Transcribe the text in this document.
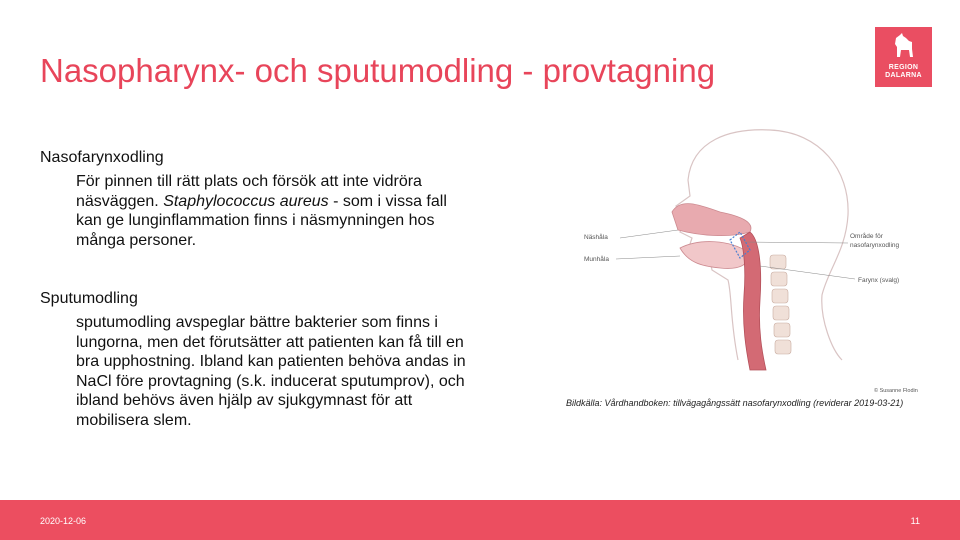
Nasopharynx- och sputumodling - provtagning	REGION
DALARNA
Nasofarynxodling
För pinnen till rätt plats och försök att inte vidröra näsväggen. Staphylococcus aureus - som i vissa fall kan ge lunginflammation finns i näsmynningen hos många personer.
Sputumodling
sputumodling avspeglar bättre bakterier som finns i lungorna, men det förutsätter att patienten kan få till en bra upphostning. Ibland kan patienten behöva andas in NaCl före provtagning (s.k. inducerat sputumprov), och ibland behövs även hjälp av sjukgymnast för att mobilisera slem.
Näshåla
Munhåla
Område för
nasofarynxodling
Farynx (svalg)
© Susanne Flodin
Bildkälla: Vårdhandboken: tillvägagångssätt nasofarynxodling (reviderar 2019-03-21)
2020-12-06	11
